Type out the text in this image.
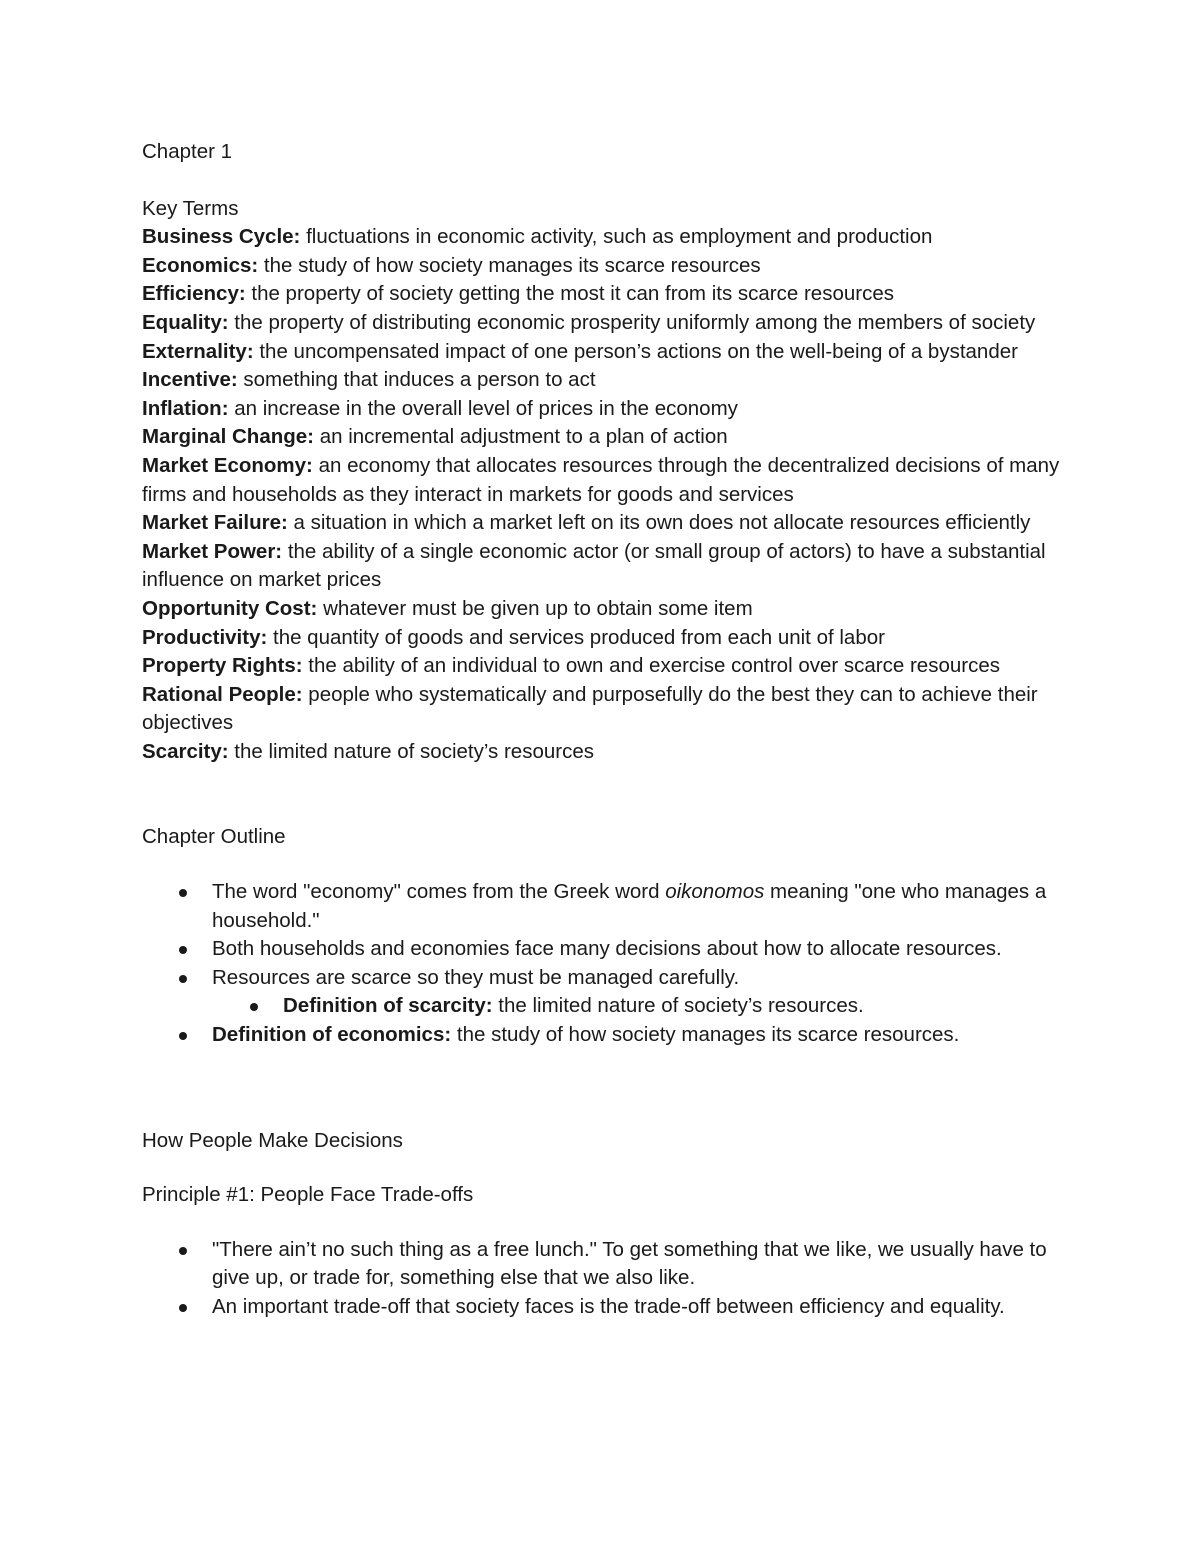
Chapter 1

Key Terms

Business Cycle: fluctuations in economic activity, such as employment and production

Economics: the study of how society manages its scarce resources

Efficiency: the property of society getting the most it can from its scarce resources

Equality: the property of distributing economic prosperity uniformly among the members of society

Externality: the uncompensated impact of one person’s actions on the well-being of a bystander

Incentive: something that induces a person to act

Inflation: an increase in the overall level of prices in the economy

Marginal Change: an incremental adjustment to a plan of action

Market Economy: an economy that allocates resources through the decentralized decisions of many firms and households as they interact in markets for goods and services

Market Failure: a situation in which a market left on its own does not allocate resources efficiently

Market Power: the ability of a single economic actor (or small group of actors) to have a substantial influence on market prices

Opportunity Cost: whatever must be given up to obtain some item

Productivity: the quantity of goods and services produced from each unit of labor

Property Rights: the ability of an individual to own and exercise control over scarce resources

Rational People: people who systematically and purposefully do the best they can to achieve their objectives

Scarcity: the limited nature of society’s resources

Chapter Outline

The word "economy" comes from the Greek word oikonomos meaning "one who manages a household."
Both households and economies face many decisions about how to allocate resources.
Resources are scarce so they must be managed carefully.
Definition of scarcity: the limited nature of society’s resources.
Definition of economics: the study of how society manages its scarce resources.

How People Make Decisions

Principle #1: People Face Trade-offs

"There ain’t no such thing as a free lunch." To get something that we like, we usually have to give up, or trade for, something else that we also like.
An important trade-off that society faces is the trade-off between efficiency and equality.
